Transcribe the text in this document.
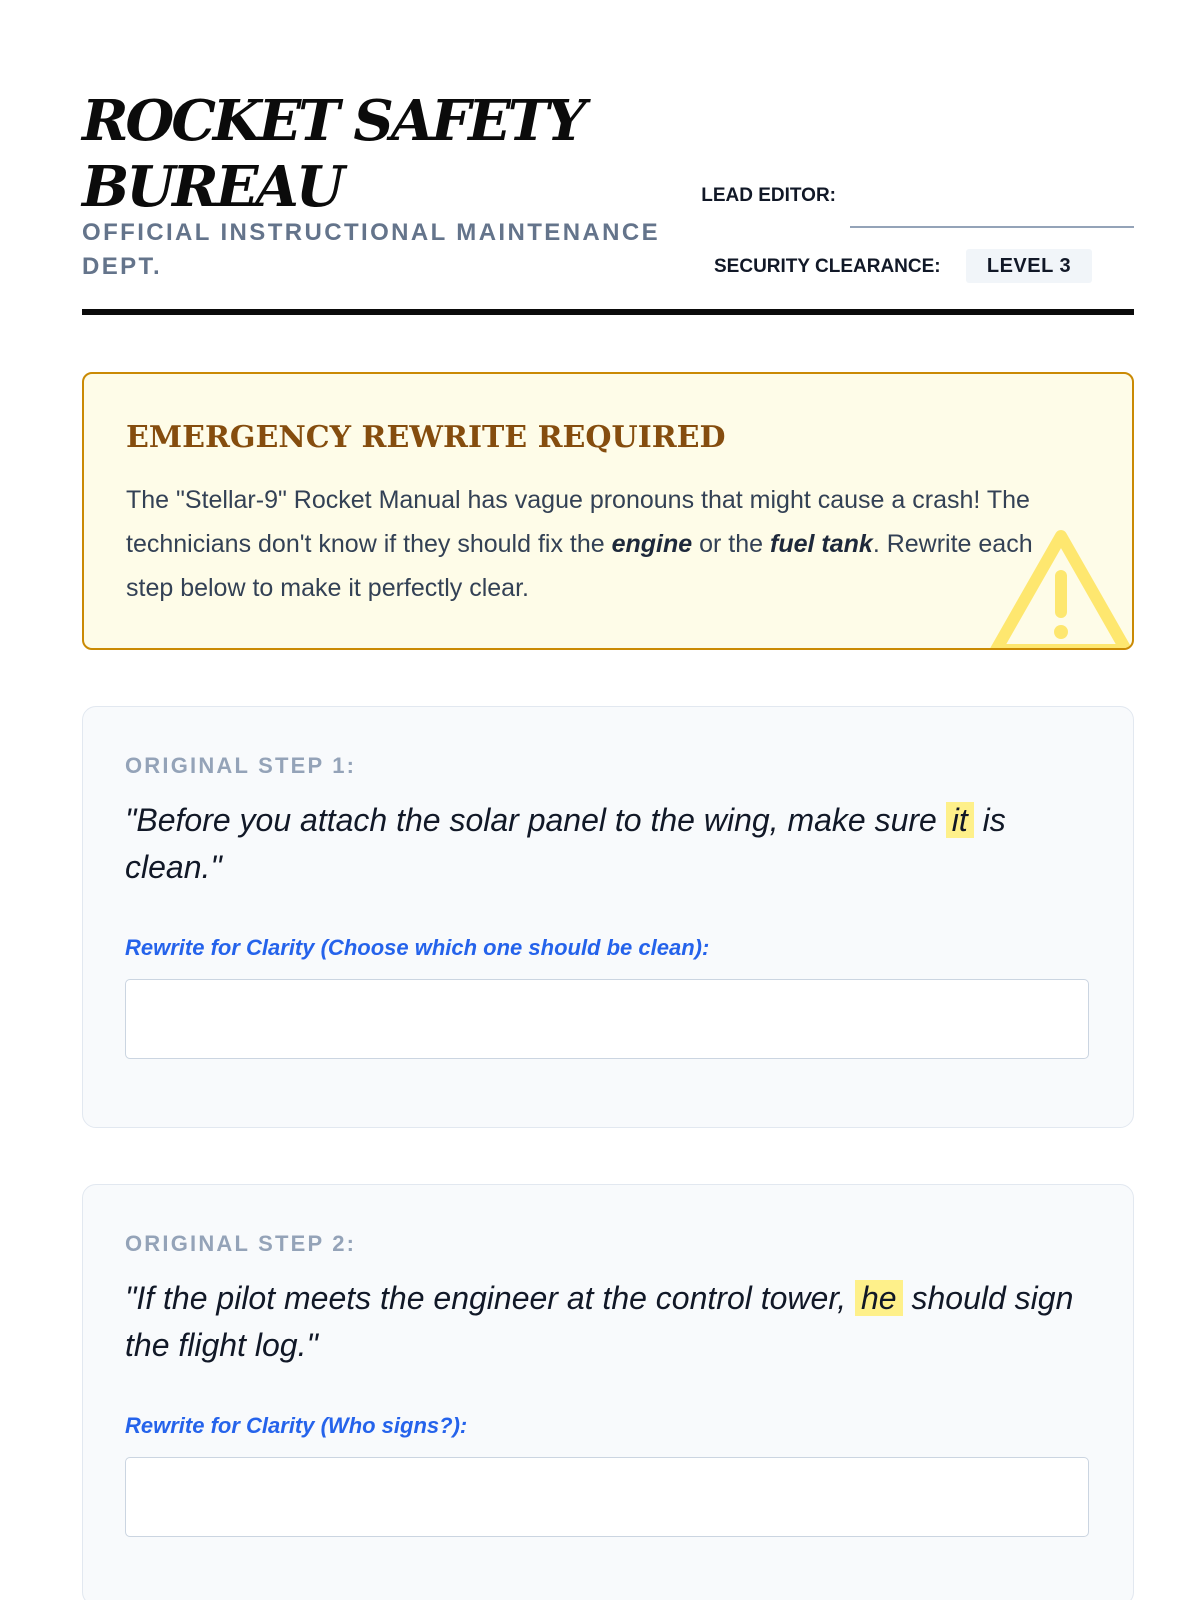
ROCKET SAFETY BUREAU
OFFICIAL INSTRUCTIONAL MAINTENANCE DEPT.
LEAD EDITOR:
SECURITY CLEARANCE:	LEVEL 3
EMERGENCY REWRITE REQUIRED

The "Stellar-9" Rocket Manual has vague pronouns that might cause a crash! The technicians don't know if they should fix the engine or the fuel tank. Rewrite each step below to make it perfectly clear.

ORIGINAL STEP 1:

"Before you attach the solar panel to the wing, make sure it is clean."

Rewrite for Clarity (Choose which one should be clean):
ORIGINAL STEP 2:

"If the pilot meets the engineer at the control tower, he should sign the flight log."

Rewrite for Clarity (Who signs?):
